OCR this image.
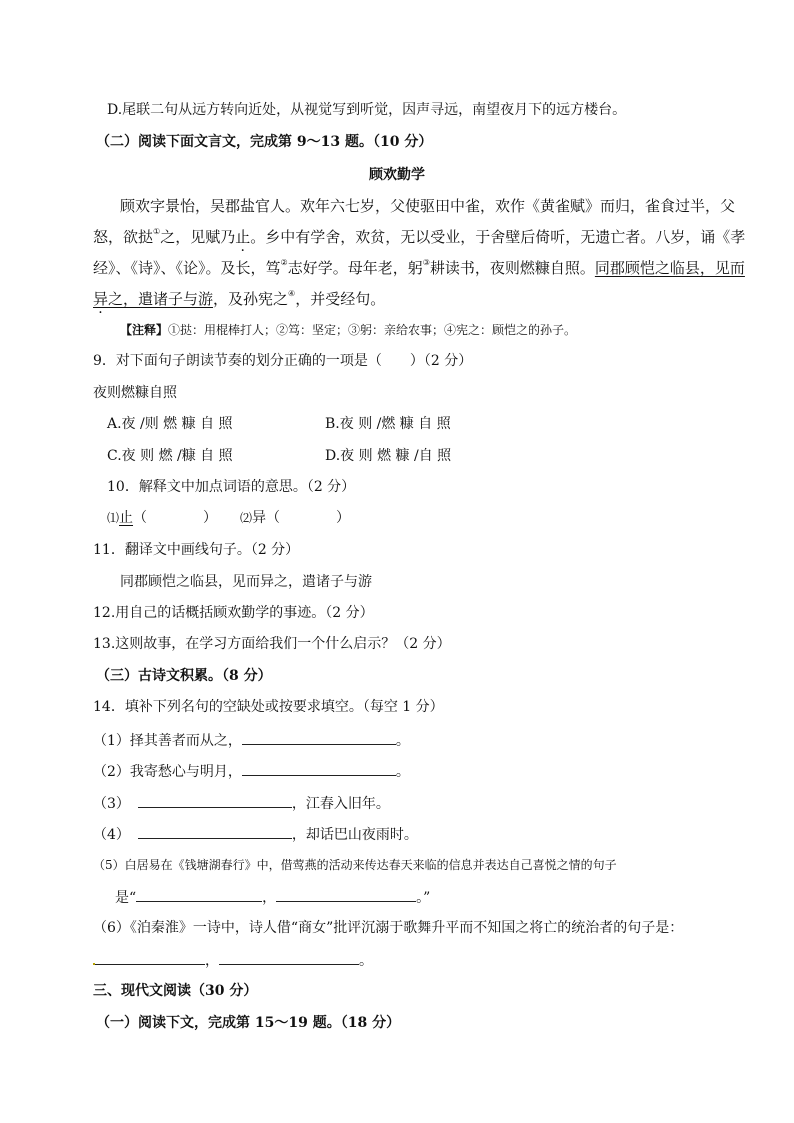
D.尾联二句从远方转向近处，从视觉写到听觉，因声寻远，南望夜月下的远方楼台。
（二）阅读下面文言文，完成第 9～13 题。（10 分）
顾欢勤学
顾欢字景怡，吴郡盐官人。欢年六七岁，父使驱田中雀，欢作《黄雀赋》而归，雀食过半，父
怒，欲挞①之，见赋乃止。乡中有学舍，欢贫，无以受业，于舍壁后倚听，无遗亡者。八岁，诵《孝
经》、《诗》、《论》。及长，笃②志好学。母年老，躬③耕读书，夜则燃糠自照。同郡顾恺之临县，见而
异之，遣诸子与游，及孙宪之④，并受经句。
【注释】①挞：用棍棒打人；②笃：坚定；③躬：亲给农事；④宪之：顾恺之的孙子。
9．对下面句子朗读节奏的划分正确的一项是（　　）（2 分）
夜则燃糠自照
A.夜 /则 燃 糠 自 照	B.夜 则 /燃 糠 自 照
C.夜 则 燃 /糠 自 照	D.夜 则 燃 糠 /自 照
10．解释文中加点词语的意思。（2 分）
⑴止（　　　　） ⑵异（　　　　）
11．翻译文中画线句子。（2 分）
同郡顾恺之临县，见而异之，遣诸子与游
12.用自己的话概括顾欢勤学的事迹。（2 分）
13.这则故事，在学习方面给我们一个什么启示？（2 分）
（三）古诗文积累。（8 分）
14．填补下列名句的空缺处或按要求填空。（每空 1 分）
（1）择其善者而从之，	。
（2）我寄愁心与明月，	。
（3）	，江春入旧年。
（4）	，却话巴山夜雨时。
（5）白居易在《钱塘湖春行》中，借莺燕的活动来传达春天来临的信息并表达自己喜悦之情的句子
是“	，	。”
（6）《泊秦淮》一诗中，诗人借“商女”批评沉溺于歌舞升平而不知国之将亡的统治者的句子是：
，	。
三、现代文阅读（30 分）
（一）阅读下文，完成第 15～19 题。（18 分）
